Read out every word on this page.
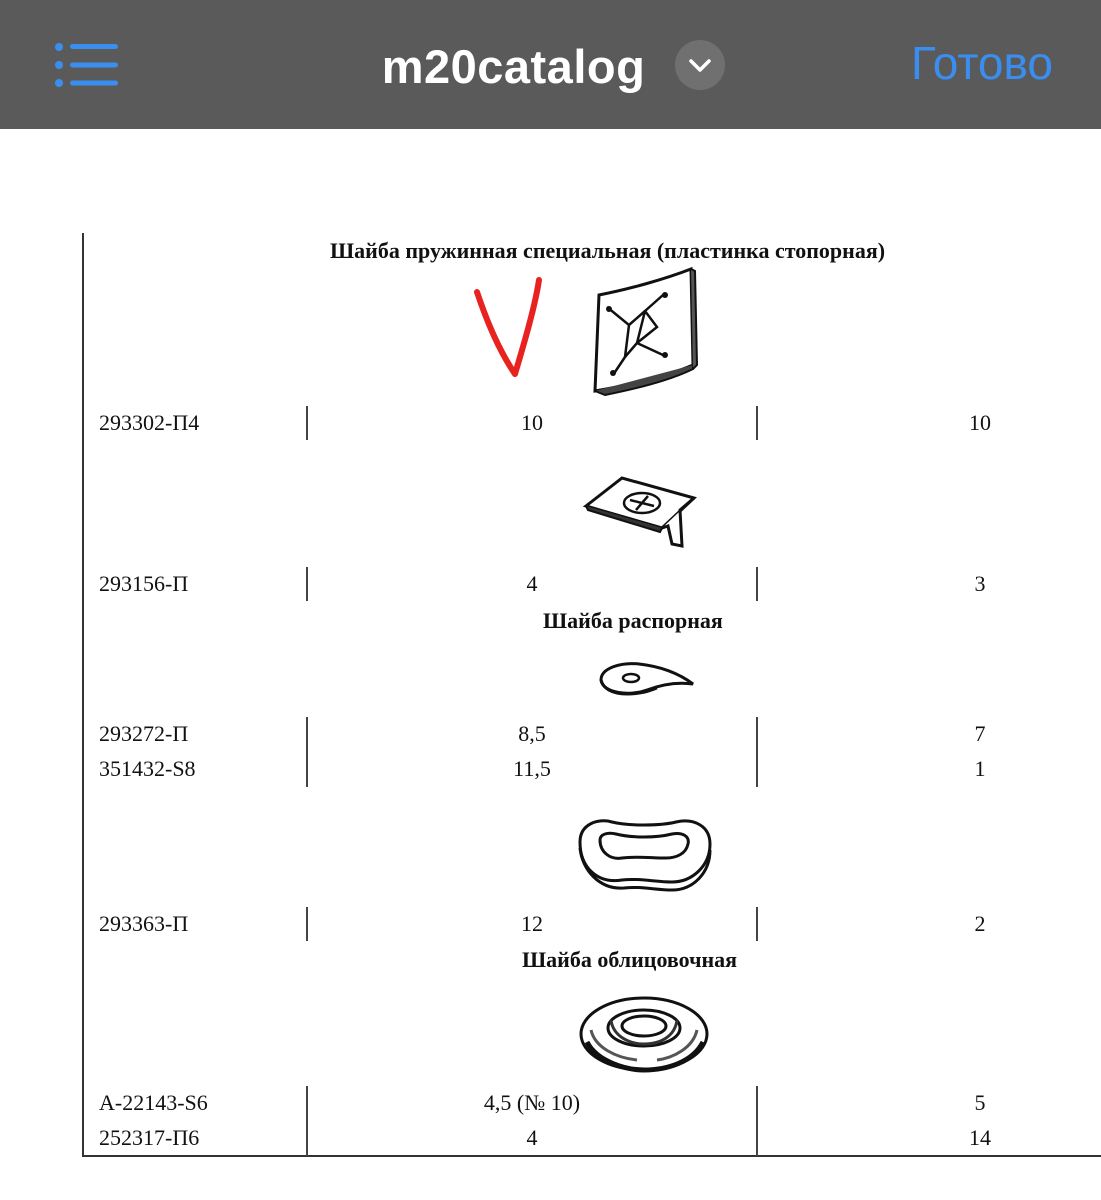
m20catalog	Готово
Шайба пружинная специальная (пластинка стопорная)
293302-П4	10	10
293156-П	4	3
Шайба распорная
293272-П	8,5	7
351432-S8	11,5	1
293363-П	12	2
Шайба облицовочная
A-22143-S6	4,5 (№ 10)	5
252317-П6	4	14
